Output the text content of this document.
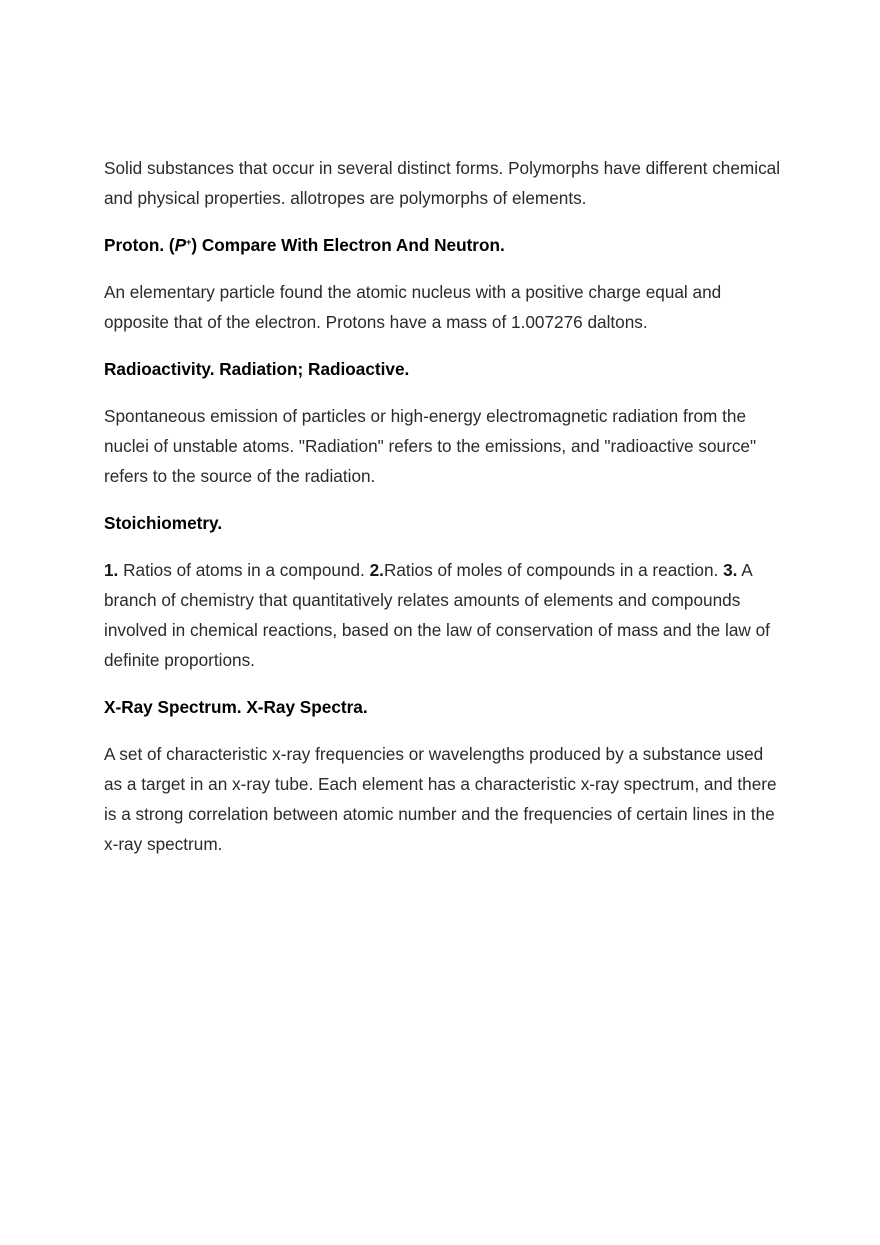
Solid substances that occur in several distinct forms. Polymorphs have different chemical and physical properties. allotropes are polymorphs of elements.

Proton. (P+) Compare With Electron And Neutron.

An elementary particle found the atomic nucleus with a positive charge equal and opposite that of the electron. Protons have a mass of 1.007276 daltons.

Radioactivity. Radiation; Radioactive.

Spontaneous emission of particles or high-energy electromagnetic radiation from the nuclei of unstable atoms. "Radiation" refers to the emissions, and "radioactive source" refers to the source of the radiation.

Stoichiometry.

1. Ratios of atoms in a compound. 2.Ratios of moles of compounds in a reaction. 3. A branch of chemistry that quantitatively relates amounts of elements and compounds involved in chemical reactions, based on the law of conservation of mass and the law of definite proportions.

X-Ray Spectrum. X-Ray Spectra.

A set of characteristic x-ray frequencies or wavelengths produced by a substance used as a target in an x-ray tube. Each element has a characteristic x-ray spectrum, and there is a strong correlation between atomic number and the frequencies of certain lines in the x-ray spectrum.
